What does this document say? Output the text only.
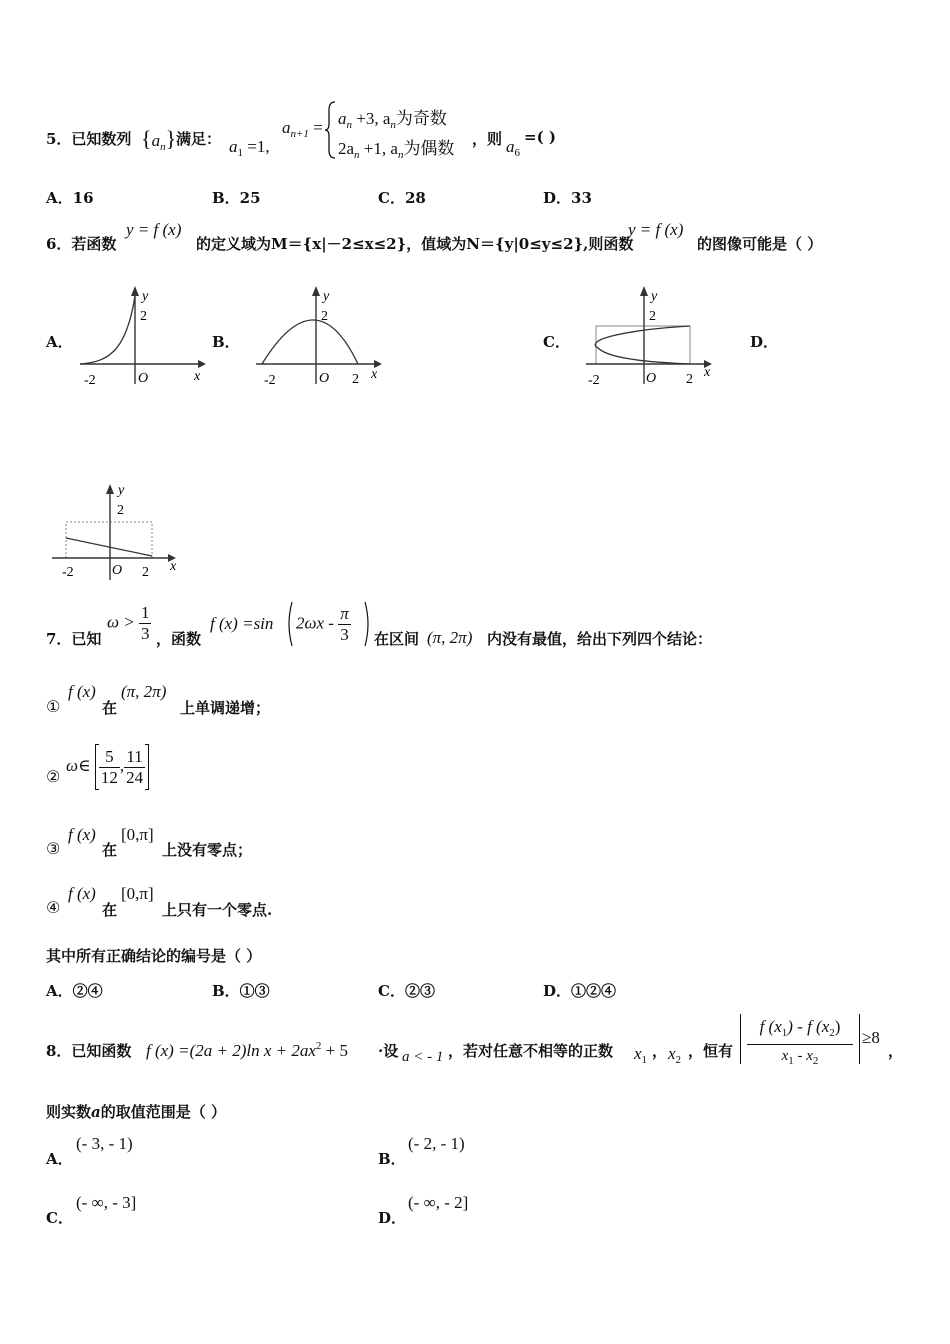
5．已知数列 $\{a_n\}$ 满足： $a_1 =1$,
$a_{n+1} = a_n +3$, $a_n$为奇数
$2a_n +1$, $a_n$为偶数 ，则 $a_6$
=( )
A．16	B．25	C．28	D．33
6．若函数
y = f (x)
的定义域为M＝{x|－2≤x≤2}，值域为N＝{y|0≤y≤2},则函数
y = f (x)
的图像可能是（ ）
A．	B．	C．	D．
y
2
x
O
-2
y
2
x
O
-2	2
y
2
x
O
-2	2
y
2
x
O
-2	2
7．已知
$\omega > \frac{1}{3}$ ，函数
f (x) =sin $2\omega x - \frac{\pi}{3}$ 在区间 (π, 2π) 内没有最值，给出下列四个结论：
①
f (x)
在
(π, 2π)
上单调递增；
②
ω∈ $\frac{5}{12}$ , $\frac{11}{24}$
③
f (x)
在
[0,π]
上没有零点；
④
f (x)
在
[0,π]
上只有一个零点.
其中所有正确结论的编号是（ ）
A．②④	B．①③	C．②③	D．①②④
8．已知函数 f (x) =(2a + 2)ln $x + 2ax^2 + 5$ ·设 a < - 1 ，若对任意不相等的正数 $x_1$ ， $x_2$ ，恒有 $\frac{f (x_1) - f (x_2)}{x_1 - x_2} \ge 8$
，
则实数a的取值范围是（ ）
A．
(- 3, - 1)
B．
(- 2, - 1)
C．
(- ∞, - 3]
D．
(- ∞, - 2]
